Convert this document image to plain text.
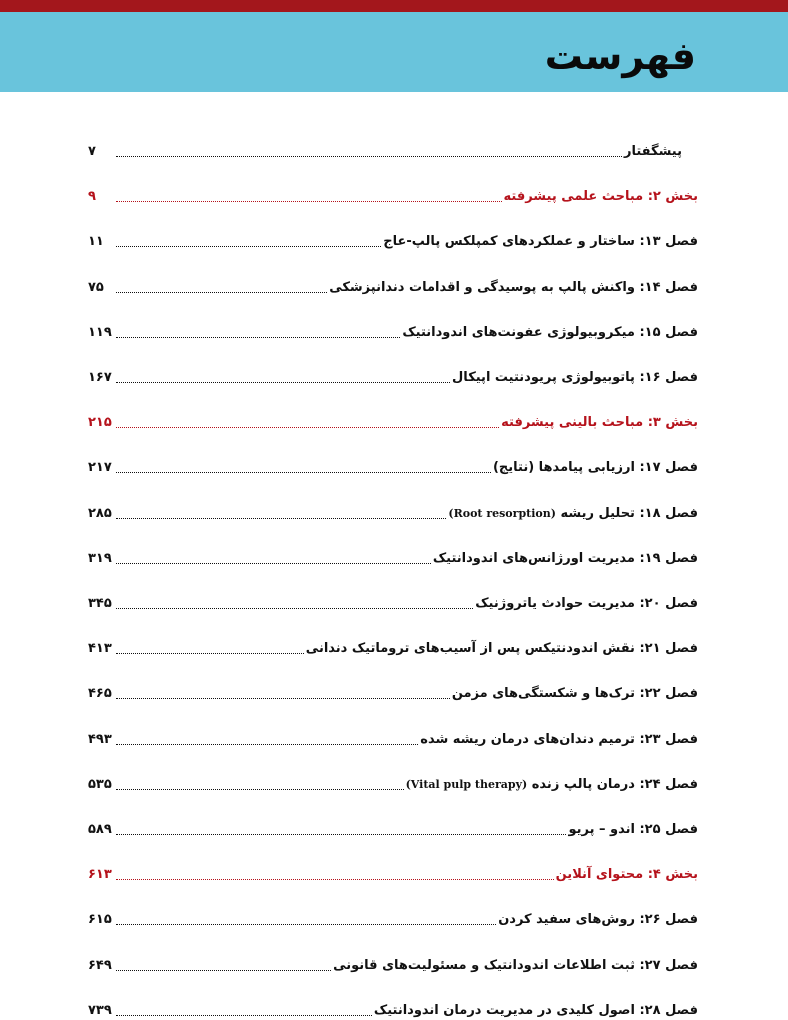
فهرست
پیشگفتار
۷
بخش ۲: مباحث علمی پیشرفته
۹
فصل ۱۳: ساختار و عملکردهای کمپلکس پالپ-عاج
۱۱
فصل ۱۴: واکنش پالپ به پوسیدگی و اقدامات دندانپزشکی
۷۵
فصل ۱۵: میکروبیولوژی عفونت‌های اندودانتیک
۱۱۹
فصل ۱۶: پاتوبیولوژی پریودنتیت اپیکال
۱۶۷
بخش ۳: مباحث بالینی پیشرفته
۲۱۵
فصل ۱۷: ارزیابی پیامدها (نتایج)
۲۱۷
فصل ۱۸: تحلیل ریشه (Root resorption)
۲۸۵
فصل ۱۹: مدیریت اورژانس‌های اندودانتیک
۳۱۹
فصل ۲۰: مدیریت حوادث یاتروژنیک
۳۴۵
فصل ۲۱: نقش اندودنتیکس پس از آسیب‌های تروماتیک دندانی
۴۱۳
فصل ۲۲: ترک‌ها و شکستگی‌های مزمن
۴۶۵
فصل ۲۳: ترمیم دندان‌های درمان ریشه شده
۴۹۳
فصل ۲۴: درمان پالپ زنده (Vital pulp therapy)
۵۳۵
فصل ۲۵: اندو – پریو
۵۸۹
بخش ۴: محتوای آنلاین
۶۱۳
فصل ۲۶: روش‌های سفید کردن
۶۱۵
فصل ۲۷: ثبت اطلاعات اندودانتیک و مسئولیت‌های قانونی
۶۴۹
فصل ۲۸: اصول کلیدی در مدیریت درمان اندودانتیک
۷۳۹
